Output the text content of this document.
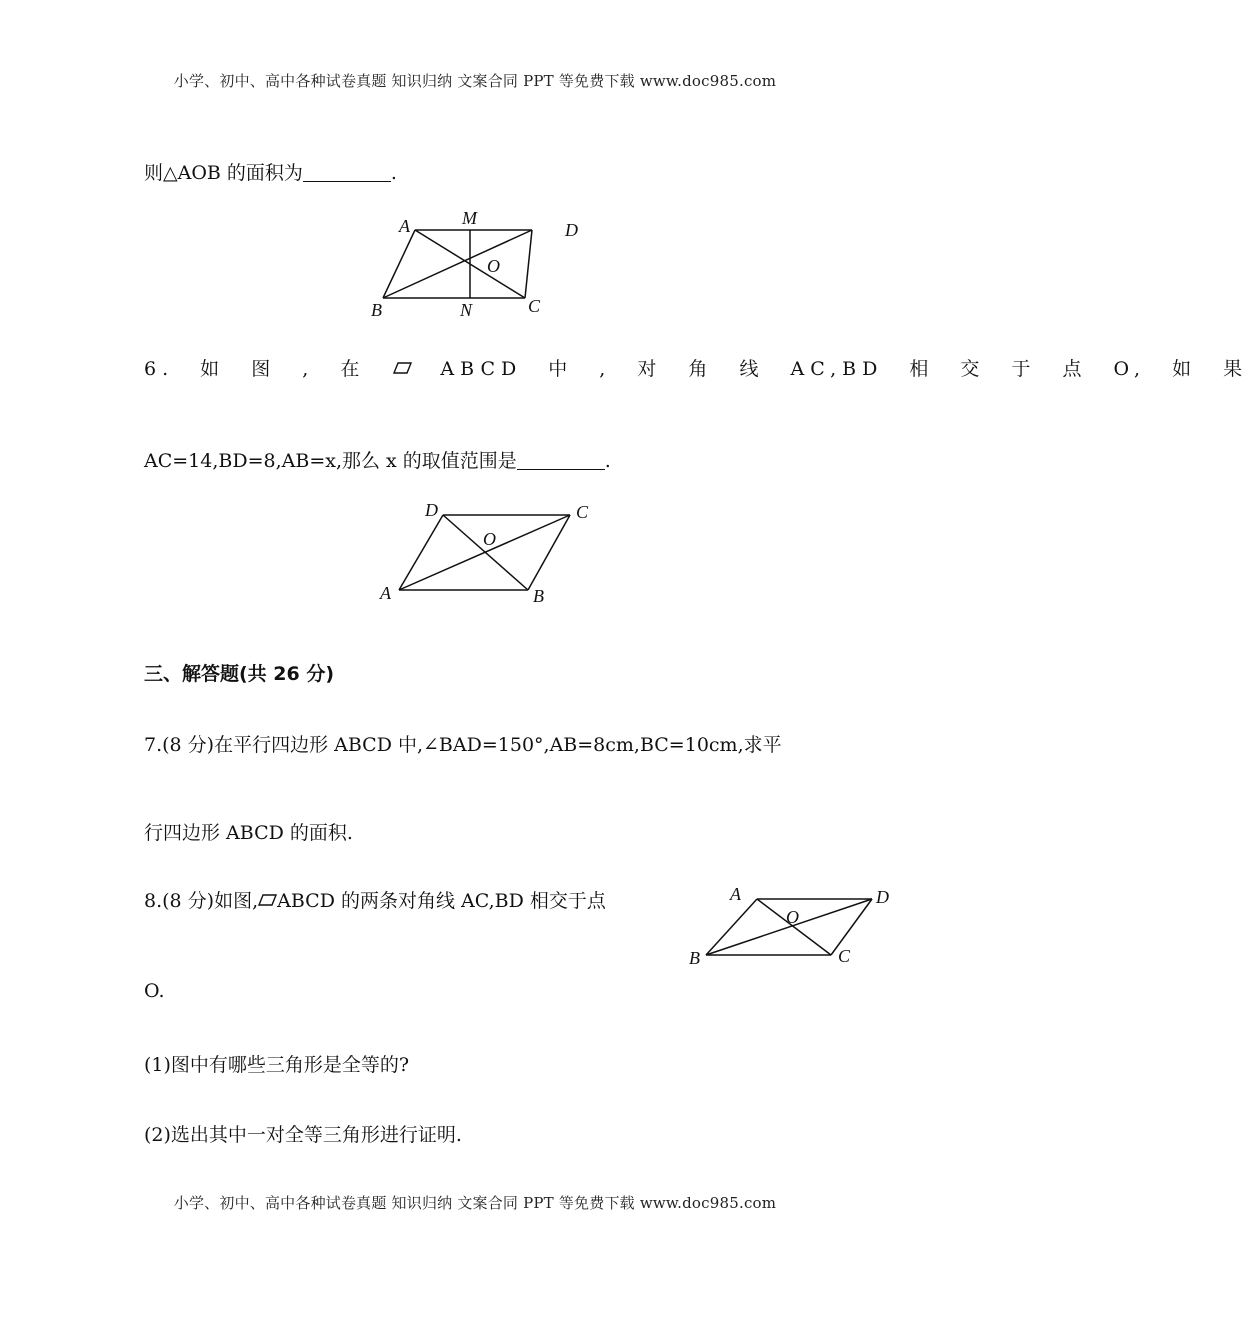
小学、初中、高中各种试卷真题 知识归纳 文案合同 PPT 等免费下载 www.doc985.com
则△AOB 的面积为	.
A	M
D
O
B	N	C
6. 如 图 , 在	ABCD 中 , 对 角 线 AC,BD 相 交 于 点 O, 如 果
AC=14,BD=8,AB=x,那么 x 的取值范围是	.
D	C
O
A	B
三、解答题(共 26 分)
7.(8 分)在平行四边形 ABCD 中,∠BAD=150°,AB=8cm,BC=10cm,求平
行四边形 ABCD 的面积.
8.(8 分)如图, ABCD 的两条对角线 AC,BD 相交于点
O.
(1)图中有哪些三角形是全等的?
(2)选出其中一对全等三角形进行证明.
A	D
O
B	C
小学、初中、高中各种试卷真题 知识归纳 文案合同 PPT 等免费下载 www.doc985.com
